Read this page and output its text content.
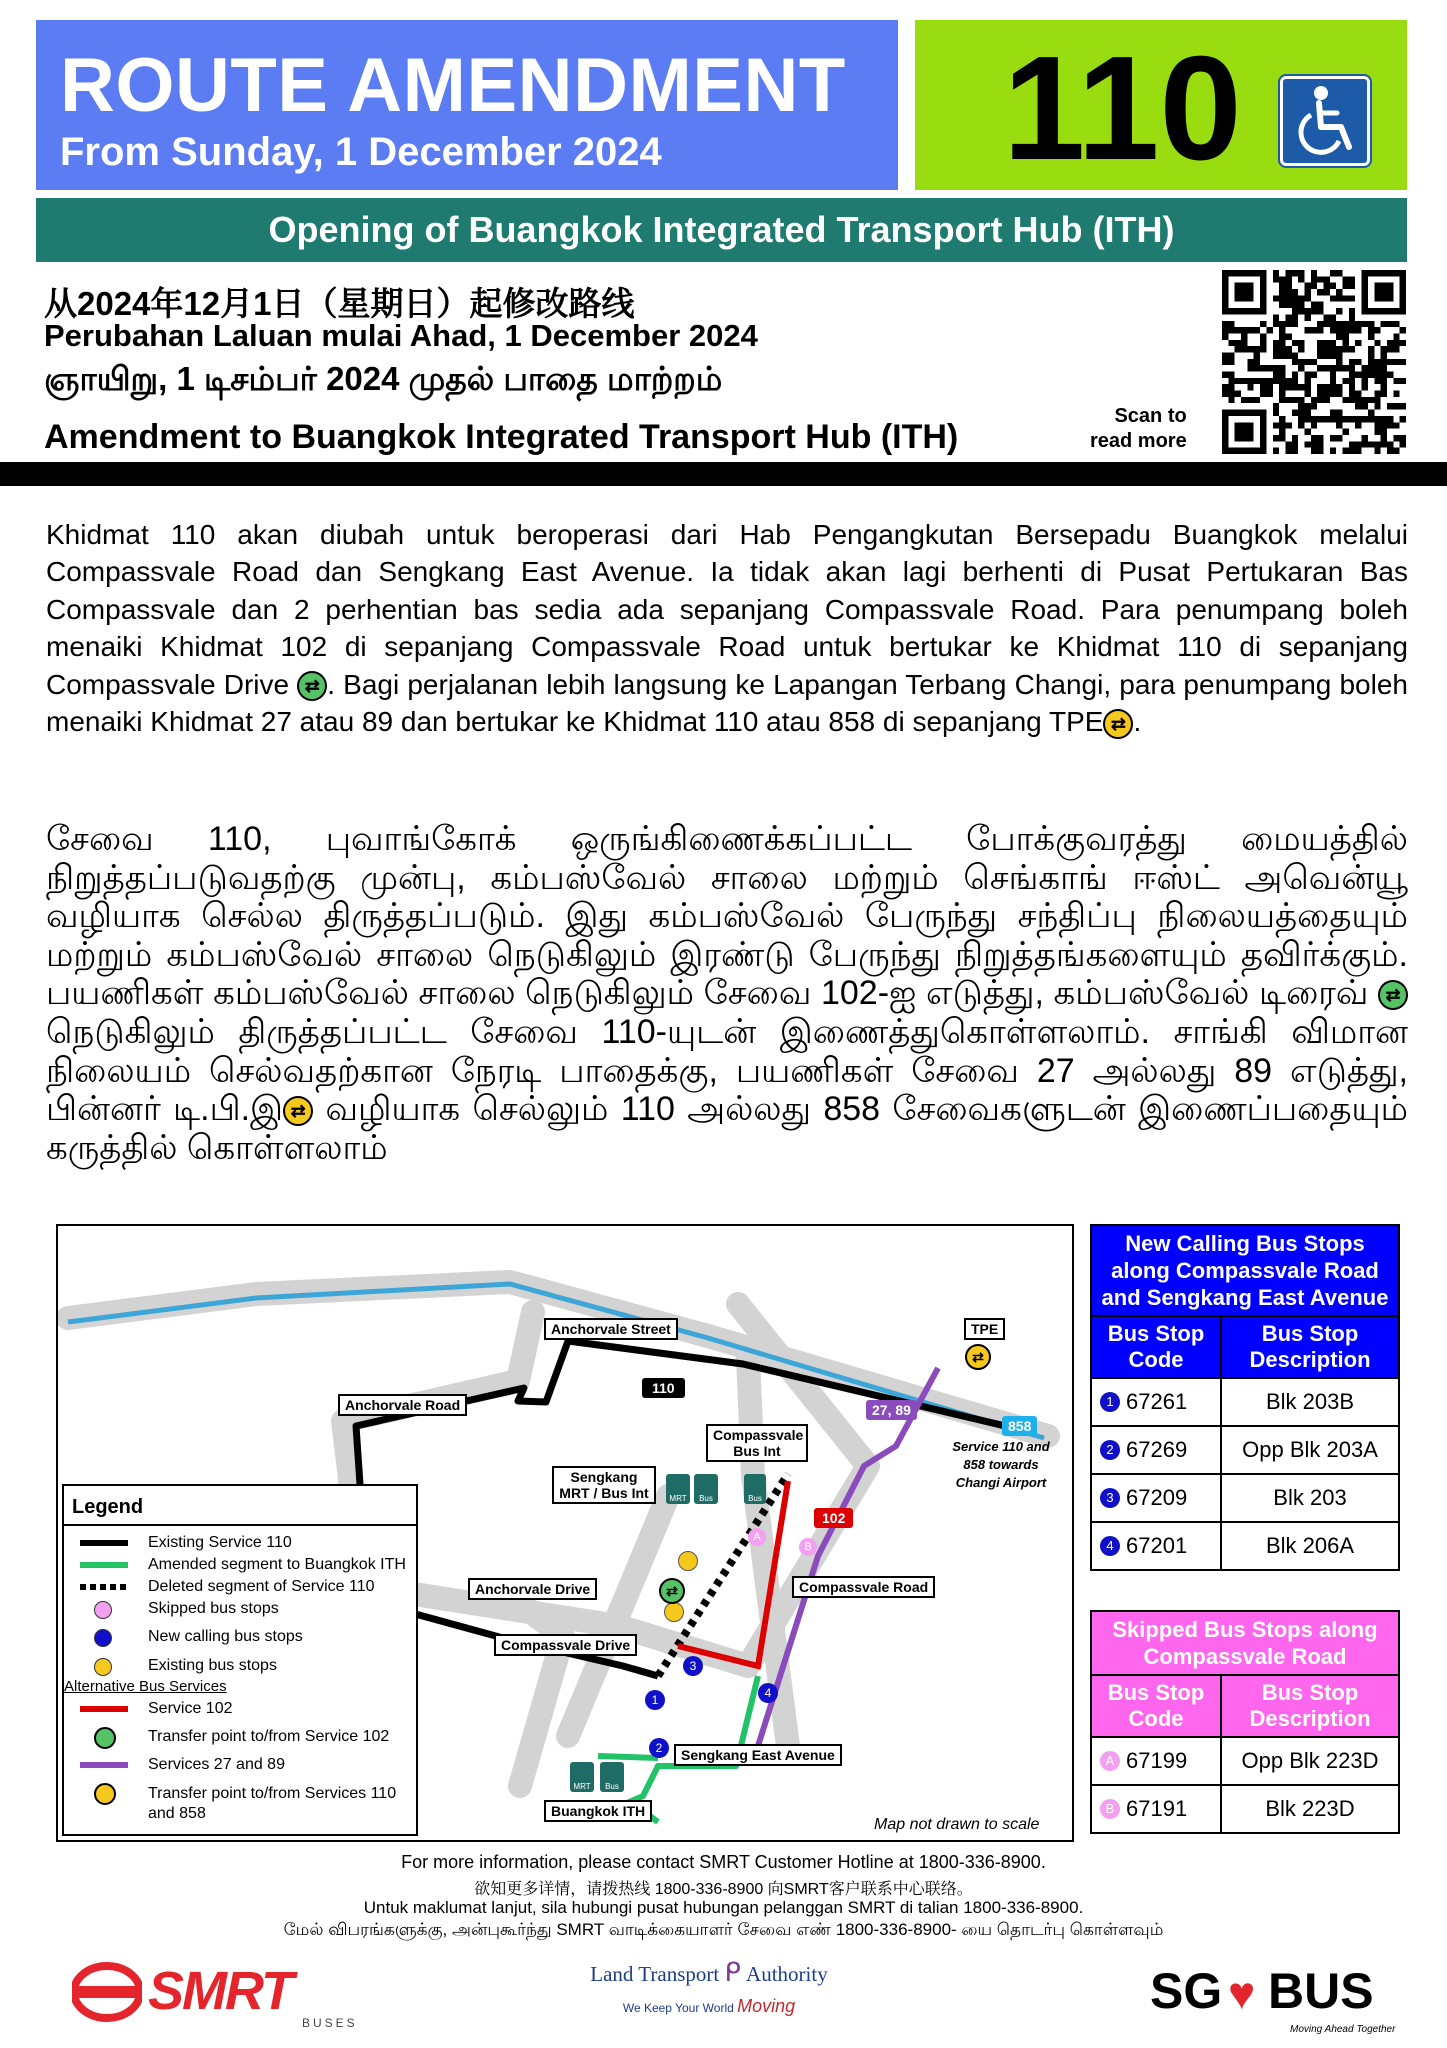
ROUTE AMENDMENT
From Sunday, 1 December 2024 110
Opening of Buangkok Integrated Transport Hub (ITH)
从2024年12月1日（星期日）起修改路线
Perubahan Laluan mulai Ahad, 1 December 2024
ஞாயிறு, 1 டிசம்பர் 2024 முதல் பாதை மாற்றம்
Amendment to Buangkok Integrated Transport Hub (ITH)
Scan to
read more
Khidmat 110 akan diubah untuk beroperasi dari Hab Pengangkutan Bersepadu Buangkok melalui Compassvale Road dan Sengkang East Avenue. Ia tidak akan lagi berhenti di Pusat Pertukaran Bas Compassvale dan 2 perhentian bas sedia ada sepanjang Compassvale Road. Para penumpang boleh menaiki Khidmat 102 di sepanjang Compassvale Road untuk bertukar ke Khidmat 110 di sepanjang Compassvale Drive ⇄ . Bagi perjalanan lebih langsung ke Lapangan Terbang Changi, para penumpang boleh menaiki Khidmat 27 atau 89 dan bertukar ke Khidmat 110 atau 858 di sepanjang TPE ⇄ .
சேவை 110, புவாங்கோக் ஒருங்கிணைக்கப்பட்ட போக்குவரத்து மையத்தில் நிறுத்தப்படுவதற்கு முன்பு, கம்பஸ்வேல் சாலை மற்றும் செங்காங் ஈஸ்ட் அவென்யூ வழியாக செல்ல திருத்தப்படும். இது கம்பஸ்வேல் பேருந்து சந்திப்பு நிலையத்தையும் மற்றும் கம்பஸ்வேல் சாலை நெடுகிலும் இரண்டு பேருந்து நிறுத்தங்களையும் தவிர்க்கும். பயணிகள் கம்பஸ்வேல் சாலை நெடுகிலும் சேவை 102-ஐ எடுத்து, கம்பஸ்வேல் டிரைவ் ⇄ நெடுகிலும் திருத்தப்பட்ட சேவை 110-யுடன் இணைத்துகொள்ளலாம். சாங்கி விமான நிலையம் செல்வதற்கான நேரடி பாதைக்கு, பயணிகள் சேவை 27 அல்லது 89 எடுத்து, பின்னர் டி.பி.இ ⇄ வழியாக செல்லும் 110 அல்லது 858 சேவைகளுடன் இணைப்பதையும் கருத்தில் கொள்ளலாம்
3
1
2
4
A
B
⇄
⇄
110
27, 89
858
102
MRT	Bus	Bus
MRT	Bus
Anchorvale Street	TPE
Anchorvale Road
Compassvale Bus Int
Sengkang MRT / Bus Int
Anchorvale Drive	Compassvale Road
Compassvale Drive
Sengkang East Avenue
Buangkok ITH
Service 110 and 858 towards Changi Airport
Map not drawn to scale
Legend
Existing Service 110
Amended segment to Buangkok ITH
Deleted segment of Service 110
Skipped bus stops
New calling bus stops
Existing bus stops
Alternative Bus Services
Service 102
Transfer point to/from Service 102
Services 27 and 89
Transfer point to/from Services 110 and 858
New Calling Bus Stops along Compassvale Road and Sengkang East Avenue
Bus Stop Code
Bus Stop Description
1 67261	Blk 203B
2 67269	Opp Blk 203A
3 67209	Blk 203
4 67201	Blk 206A
Skipped Bus Stops along Compassvale Road
Bus Stop Code
Bus Stop Description
A 67199	Opp Blk 223D
B 67191	Blk 223D
For more information, please contact SMRT Customer Hotline at 1800-336-8900.
欲知更多详情，请拨热线 1800-336-8900 向SMRT客户联系中心联络。
Untuk maklumat lanjut, sila hubungi pusat hubungan pelanggan SMRT di talian 1800-336-8900.
மேல் விபரங்களுக்கு, அன்புகூர்ந்து SMRT வாடிக்கையாளர் சேவை எண் 1800-336-8900- யை தொடர்பு கொள்ளவும்
SMRT
BUSES
Land Transport ᑭ Authority
We Keep Your World Moving	SG ♥ BUS
Moving Ahead Together
